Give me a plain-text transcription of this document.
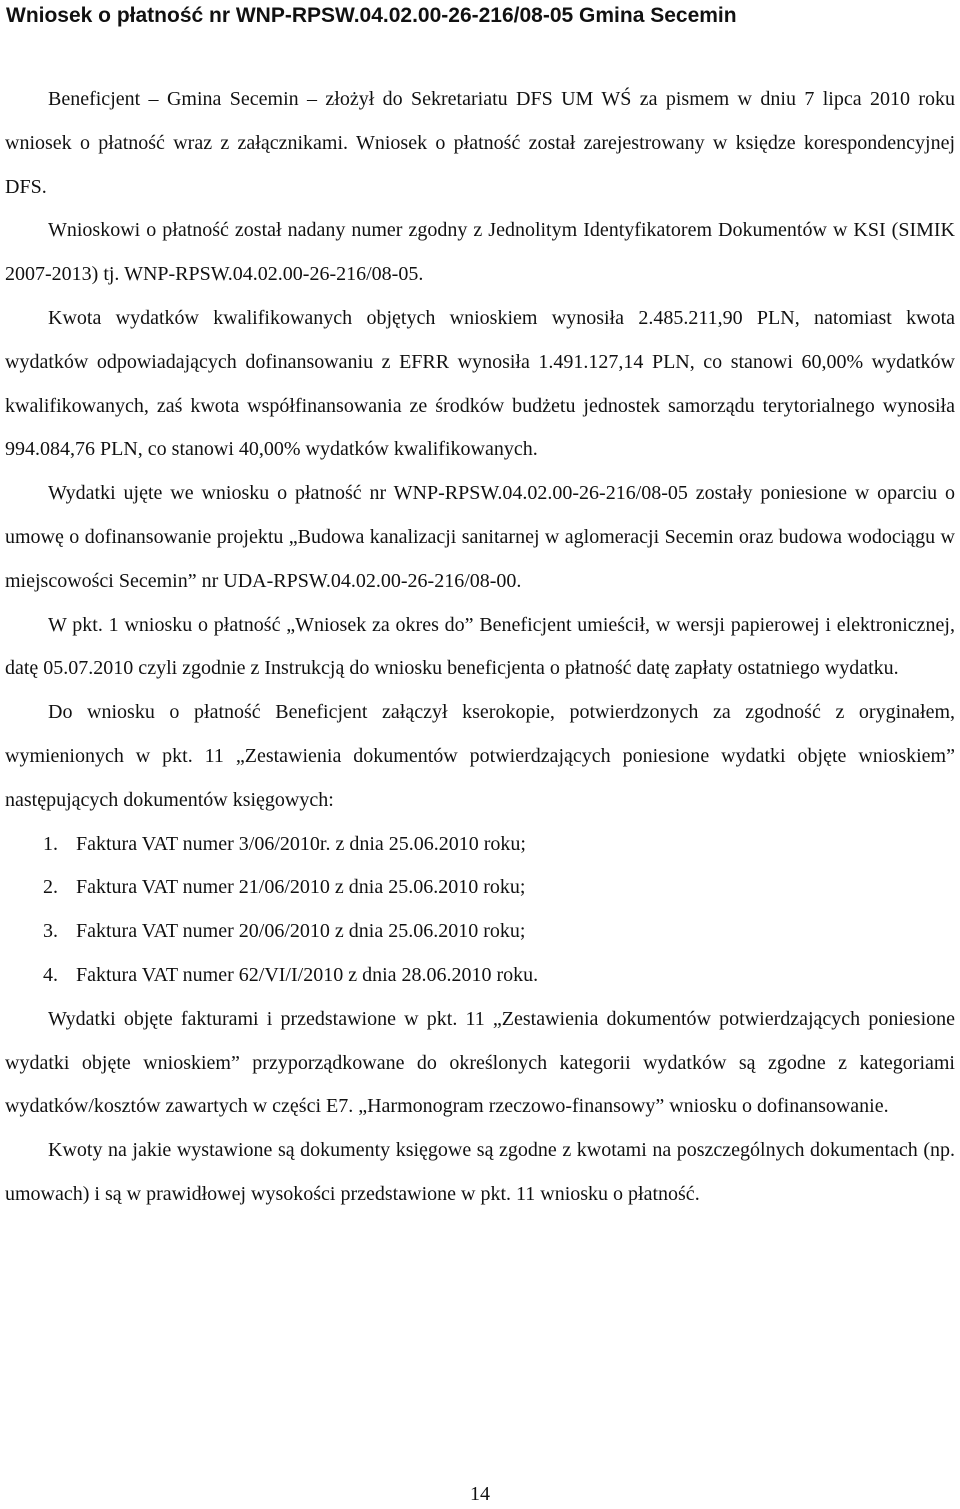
Wniosek o płatność nr WNP-RPSW.04.02.00-26-216/08-05 Gmina Secemin

Beneficjent – Gmina Secemin – złożył do Sekretariatu DFS UM WŚ za pismem w dniu 7 lipca 2010 roku wniosek o płatność wraz z załącznikami. Wniosek o płatność został zarejestrowany w księdze korespondencyjnej DFS.

Wnioskowi o płatność został nadany numer zgodny z Jednolitym Identyfikatorem Dokumentów w KSI (SIMIK 2007-2013) tj. WNP-RPSW.04.02.00-26-216/08-05.

Kwota wydatków kwalifikowanych objętych wnioskiem wynosiła 2.485.211,90 PLN, natomiast kwota wydatków odpowiadających dofinansowaniu z EFRR wynosiła 1.491.127,14 PLN, co stanowi 60,00% wydatków kwalifikowanych, zaś kwota współfinansowania ze środków budżetu jednostek samorządu terytorialnego wynosiła 994.084,76 PLN, co stanowi 40,00% wydatków kwalifikowanych.

Wydatki ujęte we wniosku o płatność nr WNP-RPSW.04.02.00-26-216/08-05 zostały poniesione w oparciu o umowę o dofinansowanie projektu „Budowa kanalizacji sanitarnej w aglomeracji Secemin oraz budowa wodociągu w miejscowości Secemin” nr UDA-RPSW.04.02.00-26-216/08-00.

W pkt. 1 wniosku o płatność „Wniosek za okres do” Beneficjent umieścił, w wersji papierowej i elektronicznej, datę 05.07.2010 czyli zgodnie z Instrukcją do wniosku beneficjenta o płatność datę zapłaty ostatniego wydatku.

Do wniosku o płatność Beneficjent załączył kserokopie, potwierdzonych za zgodność z oryginałem, wymienionych w pkt. 11 „Zestawienia dokumentów potwierdzających poniesione wydatki objęte wnioskiem” następujących dokumentów księgowych:

1. Faktura VAT numer 3/06/2010r. z dnia 25.06.2010 roku;
2. Faktura VAT numer 21/06/2010 z dnia 25.06.2010 roku;
3. Faktura VAT numer 20/06/2010 z dnia 25.06.2010 roku;
4. Faktura VAT numer 62/VI/I/2010 z dnia 28.06.2010 roku.

Wydatki objęte fakturami i przedstawione w pkt. 11 „Zestawienia dokumentów potwierdzających poniesione wydatki objęte wnioskiem” przyporządkowane do określonych kategorii wydatków są zgodne z kategoriami wydatków/kosztów zawartych w części E7. „Harmonogram rzeczowo-finansowy” wniosku o dofinansowanie.

Kwoty na jakie wystawione są dokumenty księgowe są zgodne z kwotami na poszczególnych dokumentach (np. umowach) i są w prawidłowej wysokości przedstawione w pkt. 11 wniosku o płatność.

14
